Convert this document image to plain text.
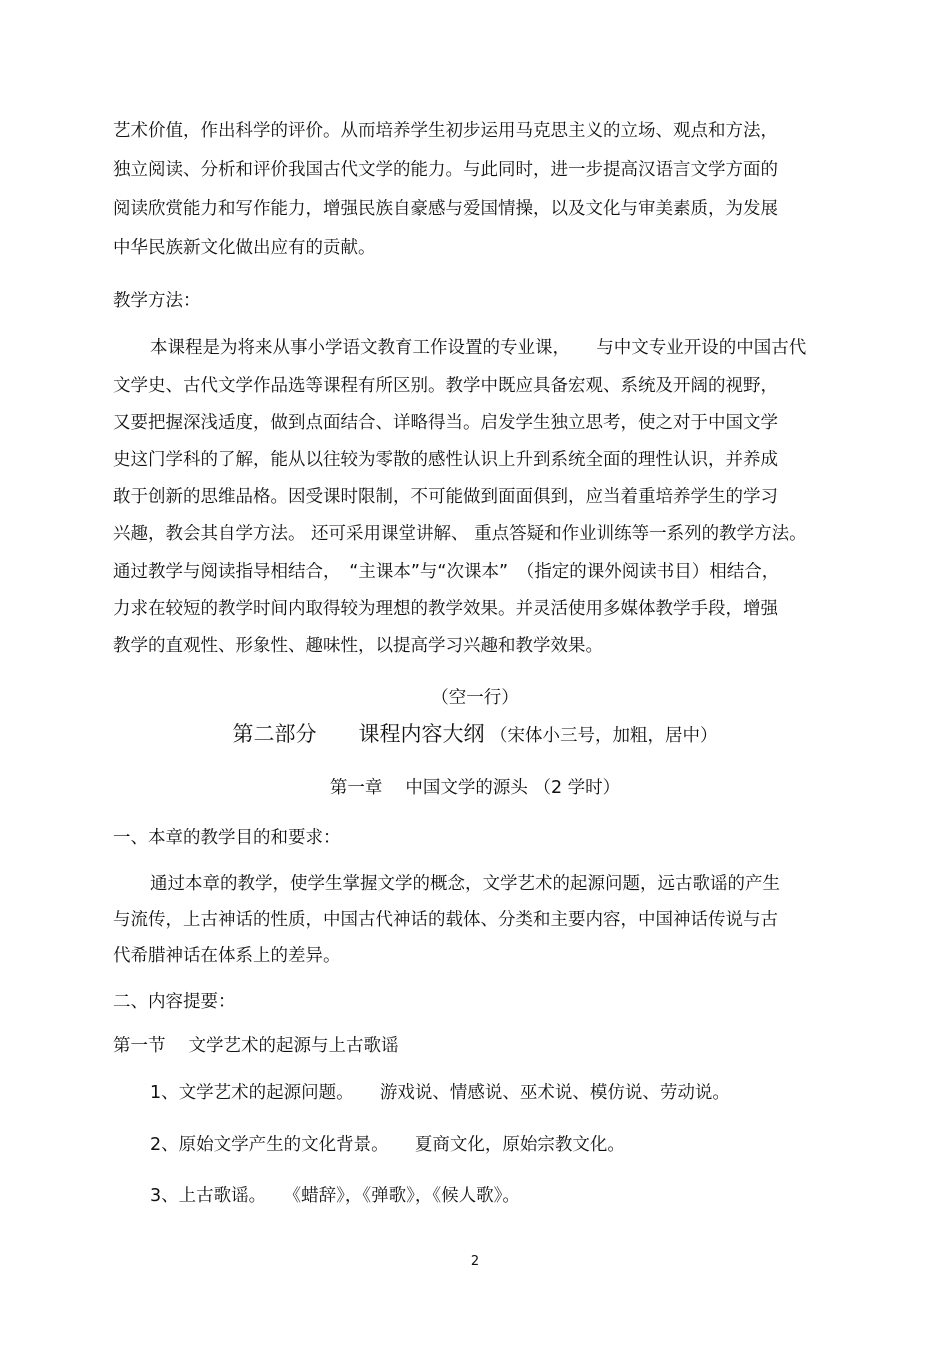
艺术价值，作出科学的评价。从而培养学生初步运用马克思主义的立场、观点和方法，
独立阅读、分析和评价我国古代文学的能力。与此同时，进一步提高汉语言文学方面的
阅读欣赏能力和写作能力，增强民族自豪感与爱国情操，以及文化与审美素质，为发展
中华民族新文化做出应有的贡献。
教学方法：
本课程是为将来从事小学语文教育工作设置的专业课，　　与中文专业开设的中国古代
文学史、古代文学作品选等课程有所区别。教学中既应具备宏观、系统及开阔的视野，
又要把握深浅适度，做到点面结合、详略得当。启发学生独立思考，使之对于中国文学
史这门学科的了解，能从以往较为零散的感性认识上升到系统全面的理性认识，并养成
敢于创新的思维品格。因受课时限制，不可能做到面面俱到，应当着重培养学生的学习
兴趣，教会其自学方法。 还可采用课堂讲解、 重点答疑和作业训练等一系列的教学方法。
通过教学与阅读指导相结合，　“主课本”与“次课本”　（指定的课外阅读书目）相结合，
力求在较短的教学时间内取得较为理想的教学效果。并灵活使用多媒体教学手段，增强
教学的直观性、形象性、趣味性，以提高学习兴趣和教学效果。
（空一行）
第二部分　　课程内容大纲 （宋体小三号，加粗，居中）
第一章　 中国文学的源头 （2 学时）
一、本章的教学目的和要求：
通过本章的教学，使学生掌握文学的概念，文学艺术的起源问题，远古歌谣的产生
与流传，上古神话的性质，中国古代神话的载体、分类和主要内容，中国神话传说与古
代希腊神话在体系上的差异。
二、内容提要：
第一节　 文学艺术的起源与上古歌谣
1、文学艺术的起源问题。　　游戏说、情感说、巫术说、模仿说、劳动说。
2、原始文学产生的文化背景。　　夏商文化，原始宗教文化。
3、上古歌谣。　　《蜡辞》，《弹歌》，《候人歌》。
2
